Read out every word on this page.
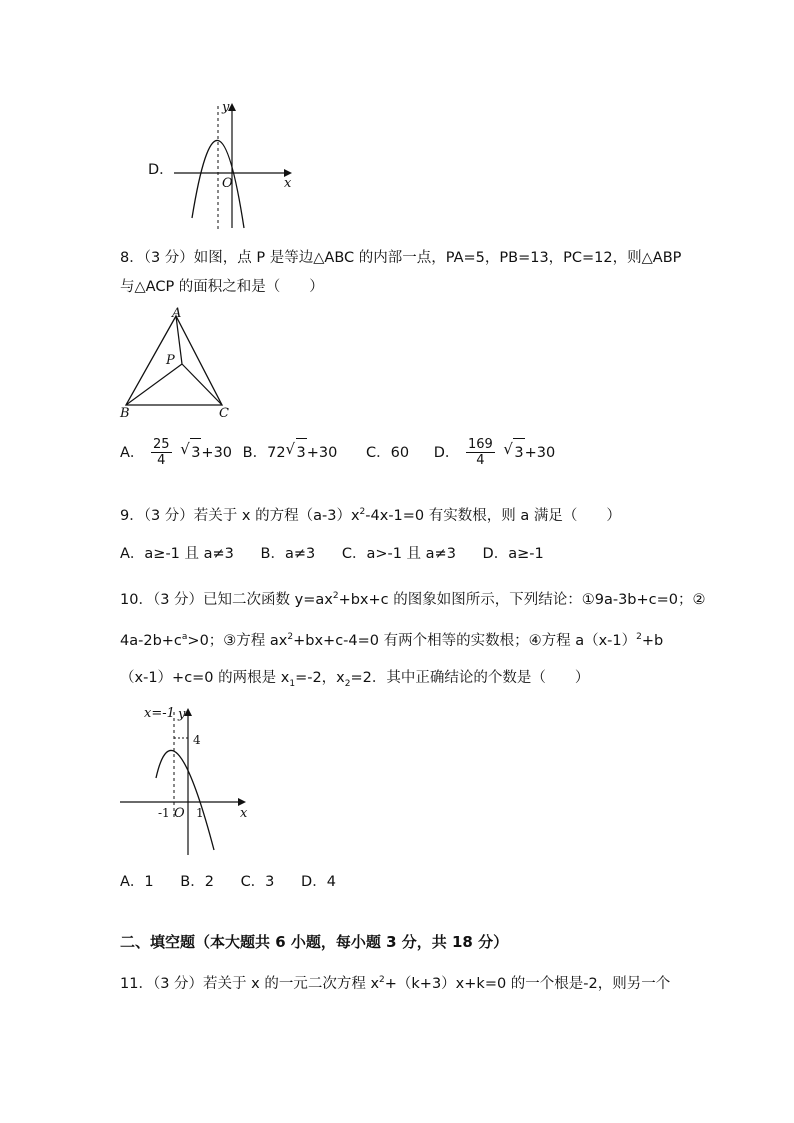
D．
y
x
O
8．（3 分）如图，点 P 是等边△ABC 的内部一点，PA=5，PB=13，PC=12，则△ABP
与△ACP 的面积之和是（　　）
A
B	C
P
A． $\frac{25}{4}$ √ 3+30 B．72 √ 3+30 C．60 D． $\frac{169}{4}$ √ 3+30
9．（3 分）若关于 x 的方程$(a-3)x^2-4x-1=0$ 有实数根，则 a 满足（　　）
A．a≥-1 且 a≠3 B．a≠3 C．a>-1 且 a≠3 D．a≥-1
10．（3 分）已知二次函数 $y=ax^2+bx+c$ 的图象如图所示，下列结论：①9a-3b+c=0；②
$4a-2b+c^a>0$；③方程 $ax^2+bx+c-4=0$ 有两个相等的实数根；④方程 $a(x-1)^2+b$
（x-1）+c=0 的两根是 $x_1=-2$，$x_2=2$．其中正确结论的个数是（　　）
x=-1 y
4
-1 O 1	x
A．1 B．2 C．3 D．4
二、填空题（本大题共 6 小题，每小题 3 分，共 18 分）
11．（3 分）若关于 x 的一元二次方程 $x^2+(k+3)x+k=0$ 的一个根是-2，则另一个
